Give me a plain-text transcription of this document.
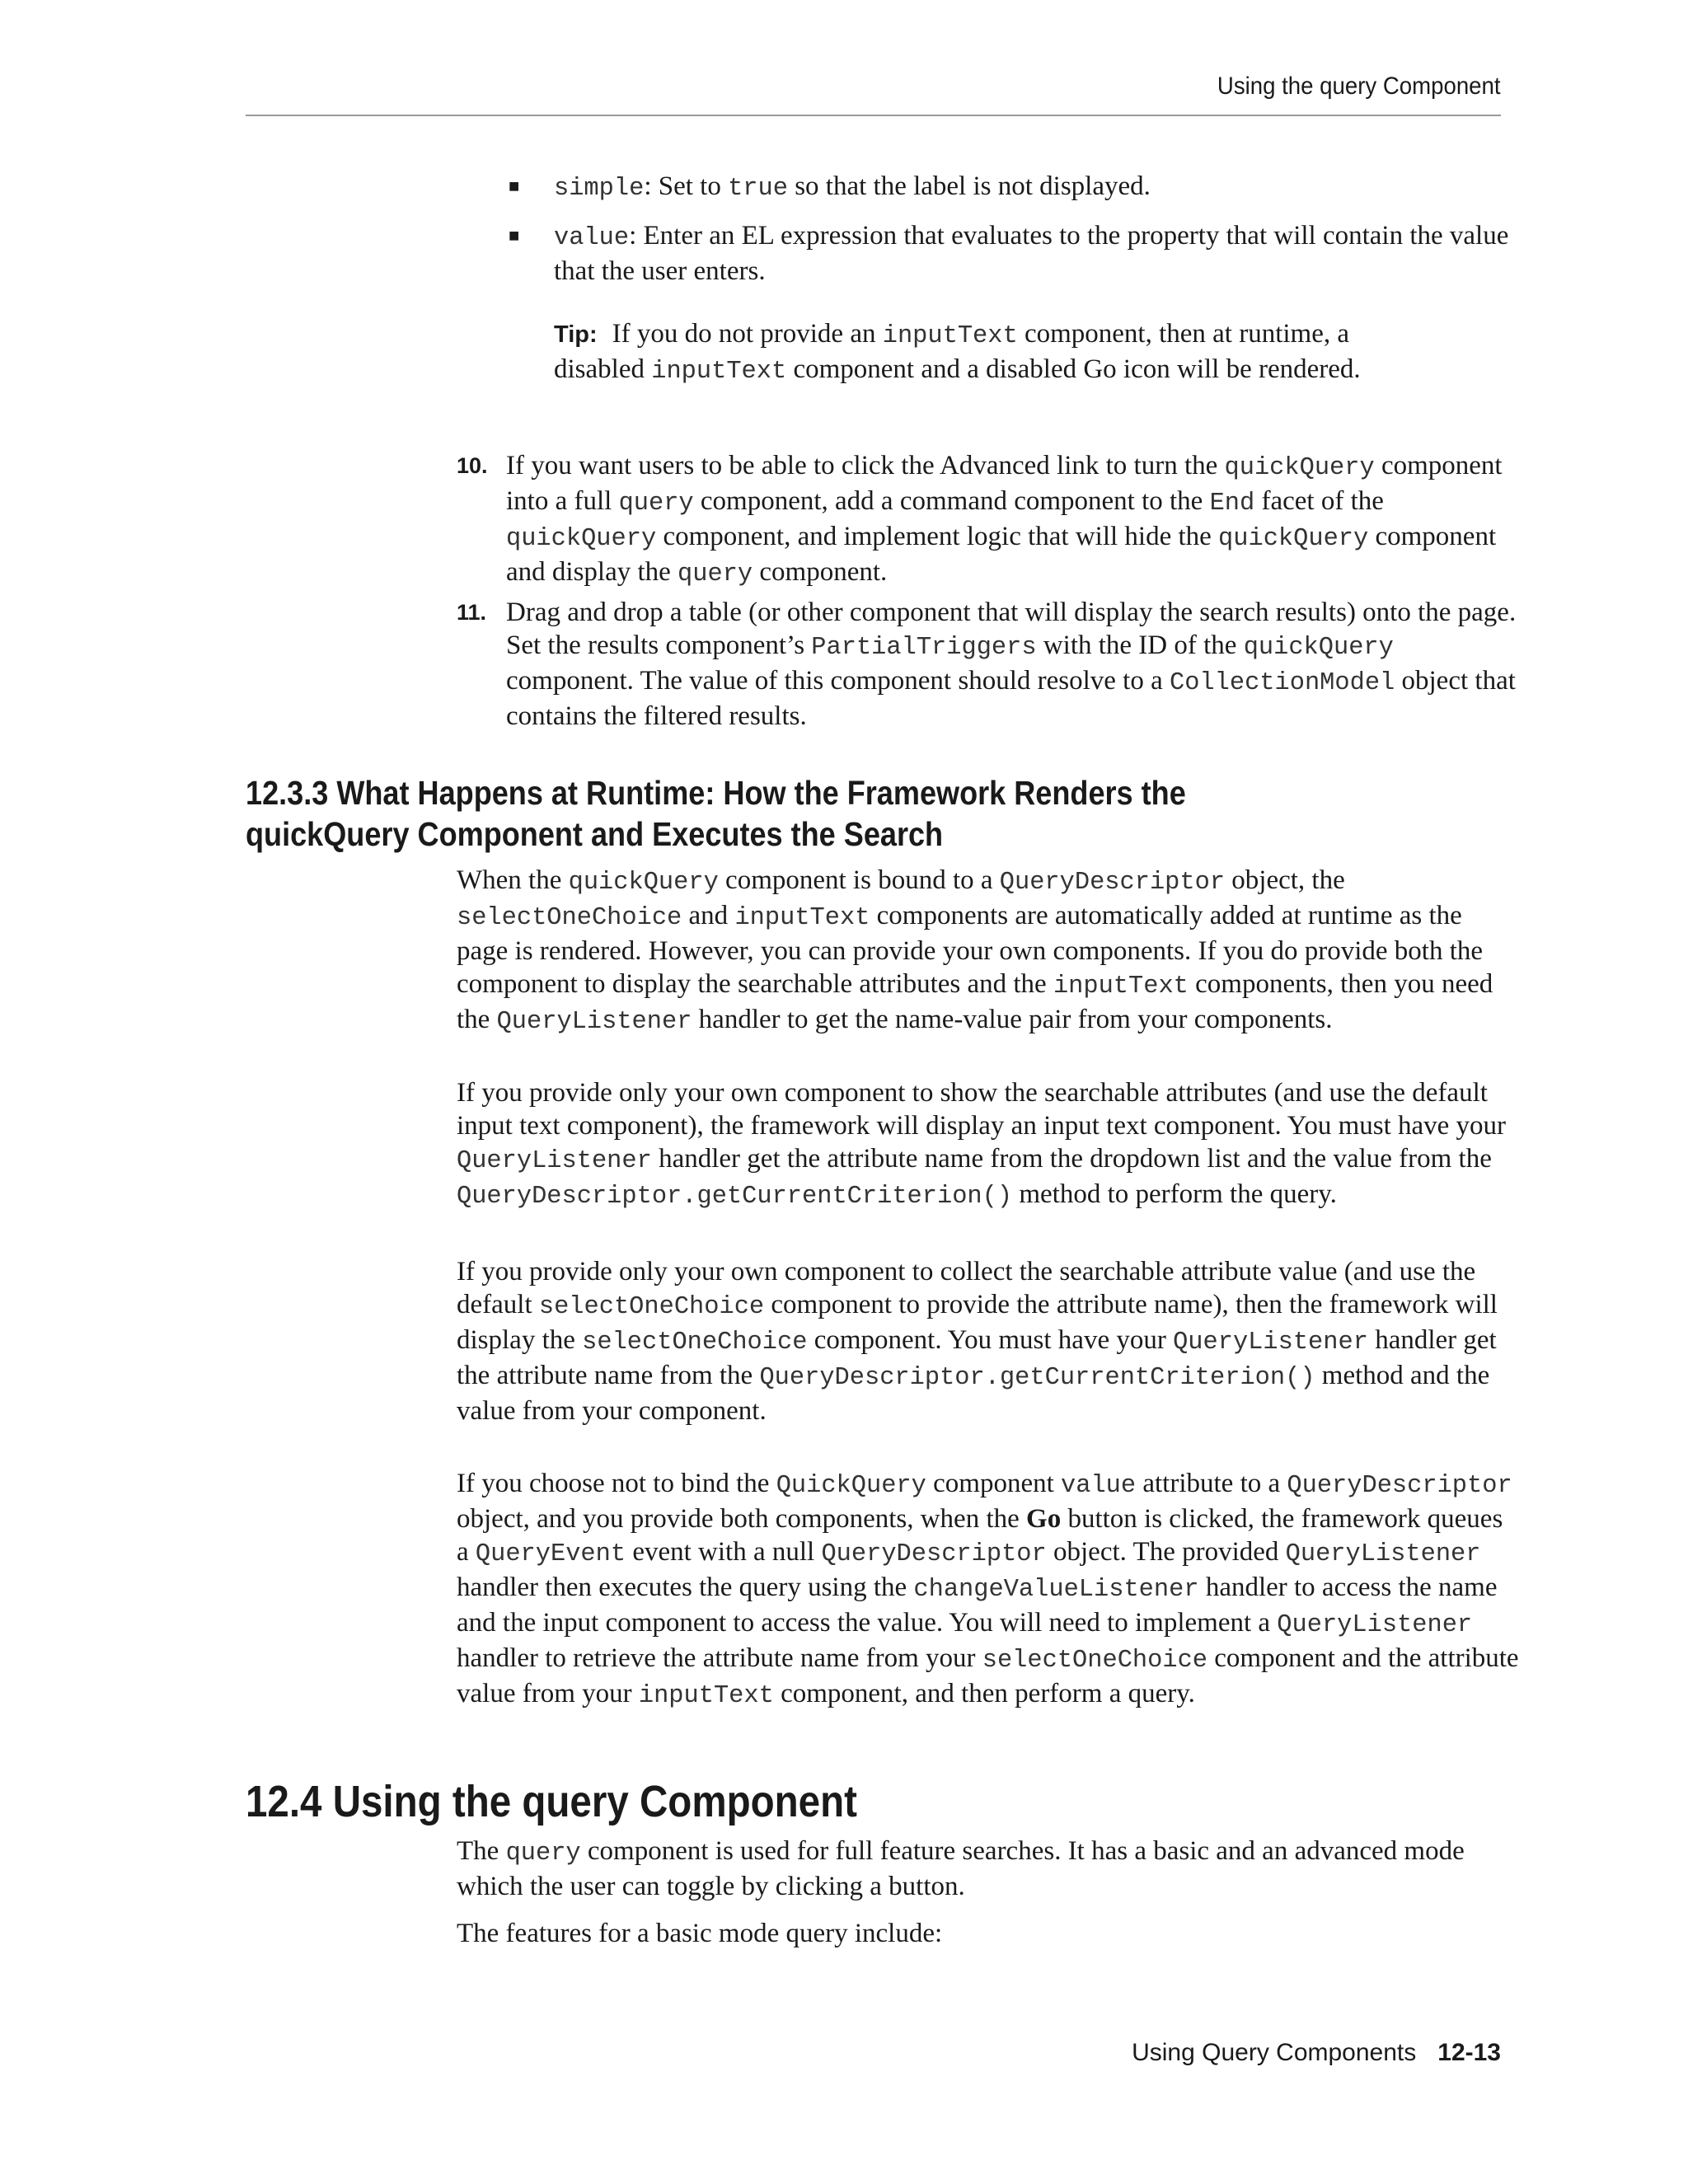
Using the query Component
■ simple: Set to true so that the label is not displayed.
■ value: Enter an EL expression that evaluates to the property that will contain the value that the user enters.
Tip: If you do not provide an inputText component, then at runtime, a disabled inputText component and a disabled Go icon will be rendered.
10. If you want users to be able to click the Advanced link to turn the quickQuery component into a full query component, add a command component to the End facet of the quickQuery component, and implement logic that will hide the quickQuery component and display the query component.
11. Drag and drop a table (or other component that will display the search results) onto the page. Set the results component’s PartialTriggers with the ID of the quickQuery component. The value of this component should resolve to a CollectionModel object that contains the filtered results.
12.3.3 What Happens at Runtime: How the Framework Renders the quickQuery Component and Executes the Search
When the quickQuery component is bound to a QueryDescriptor object, the selectOneChoice and inputText components are automatically added at runtime as the page is rendered. However, you can provide your own components. If you do provide both the component to display the searchable attributes and the inputText components, then you need the QueryListener handler to get the name-value pair from your components.
If you provide only your own component to show the searchable attributes (and use the default input text component), the framework will display an input text component. You must have your QueryListener handler get the attribute name from the dropdown list and the value from the QueryDescriptor.getCurrentCriterion() method to perform the query.
If you provide only your own component to collect the searchable attribute value (and use the default selectOneChoice component to provide the attribute name), then the framework will display the selectOneChoice component. You must have your QueryListener handler get the attribute name from the QueryDescriptor.getCurrentCriterion() method and the value from your component.
If you choose not to bind the QuickQuery component value attribute to a QueryDescriptor object, and you provide both components, when the Go button is clicked, the framework queues a QueryEvent event with a null QueryDescriptor object. The provided QueryListener handler then executes the query using the changeValueListener handler to access the name and the input component to access the value. You will need to implement a QueryListener handler to retrieve the attribute name from your selectOneChoice component and the attribute value from your inputText component, and then perform a query.
12.4 Using the query Component
The query component is used for full feature searches. It has a basic and an advanced mode which the user can toggle by clicking a button.
The features for a basic mode query include:
Using Query Components 12-13
